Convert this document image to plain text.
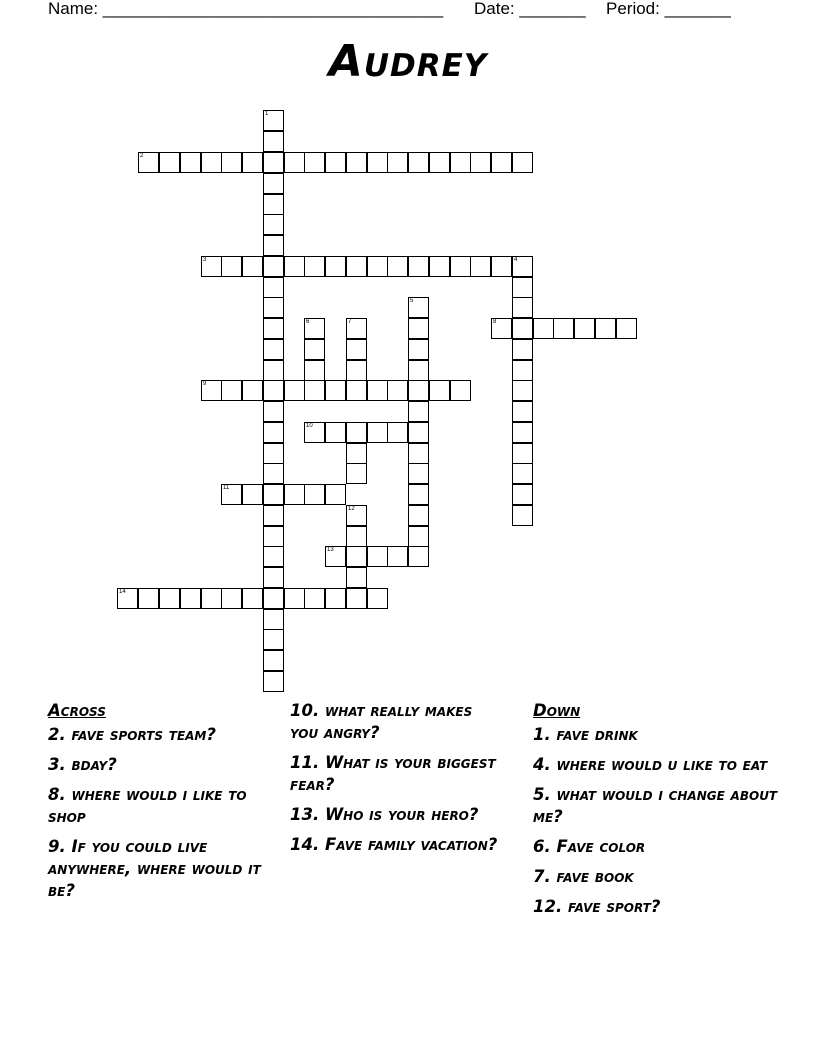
Name: ____________________________________ Date: _______ Period: _______
Audrey
1
2
3	4
5
6	7	8
9
10
11
12
13
14
Across
2. fave sports team?
3. bday?
8. where would i like to shop
9. If you could live anywhere, where would it be?
10. what really makes you angry?
11. What is your biggest fear?
13. Who is your hero?
14. Fave family vacation?
Down
1. fave drink
4. where would u like to eat
5. what would i change about me?
6. Fave color
7. fave book
12. fave sport?
